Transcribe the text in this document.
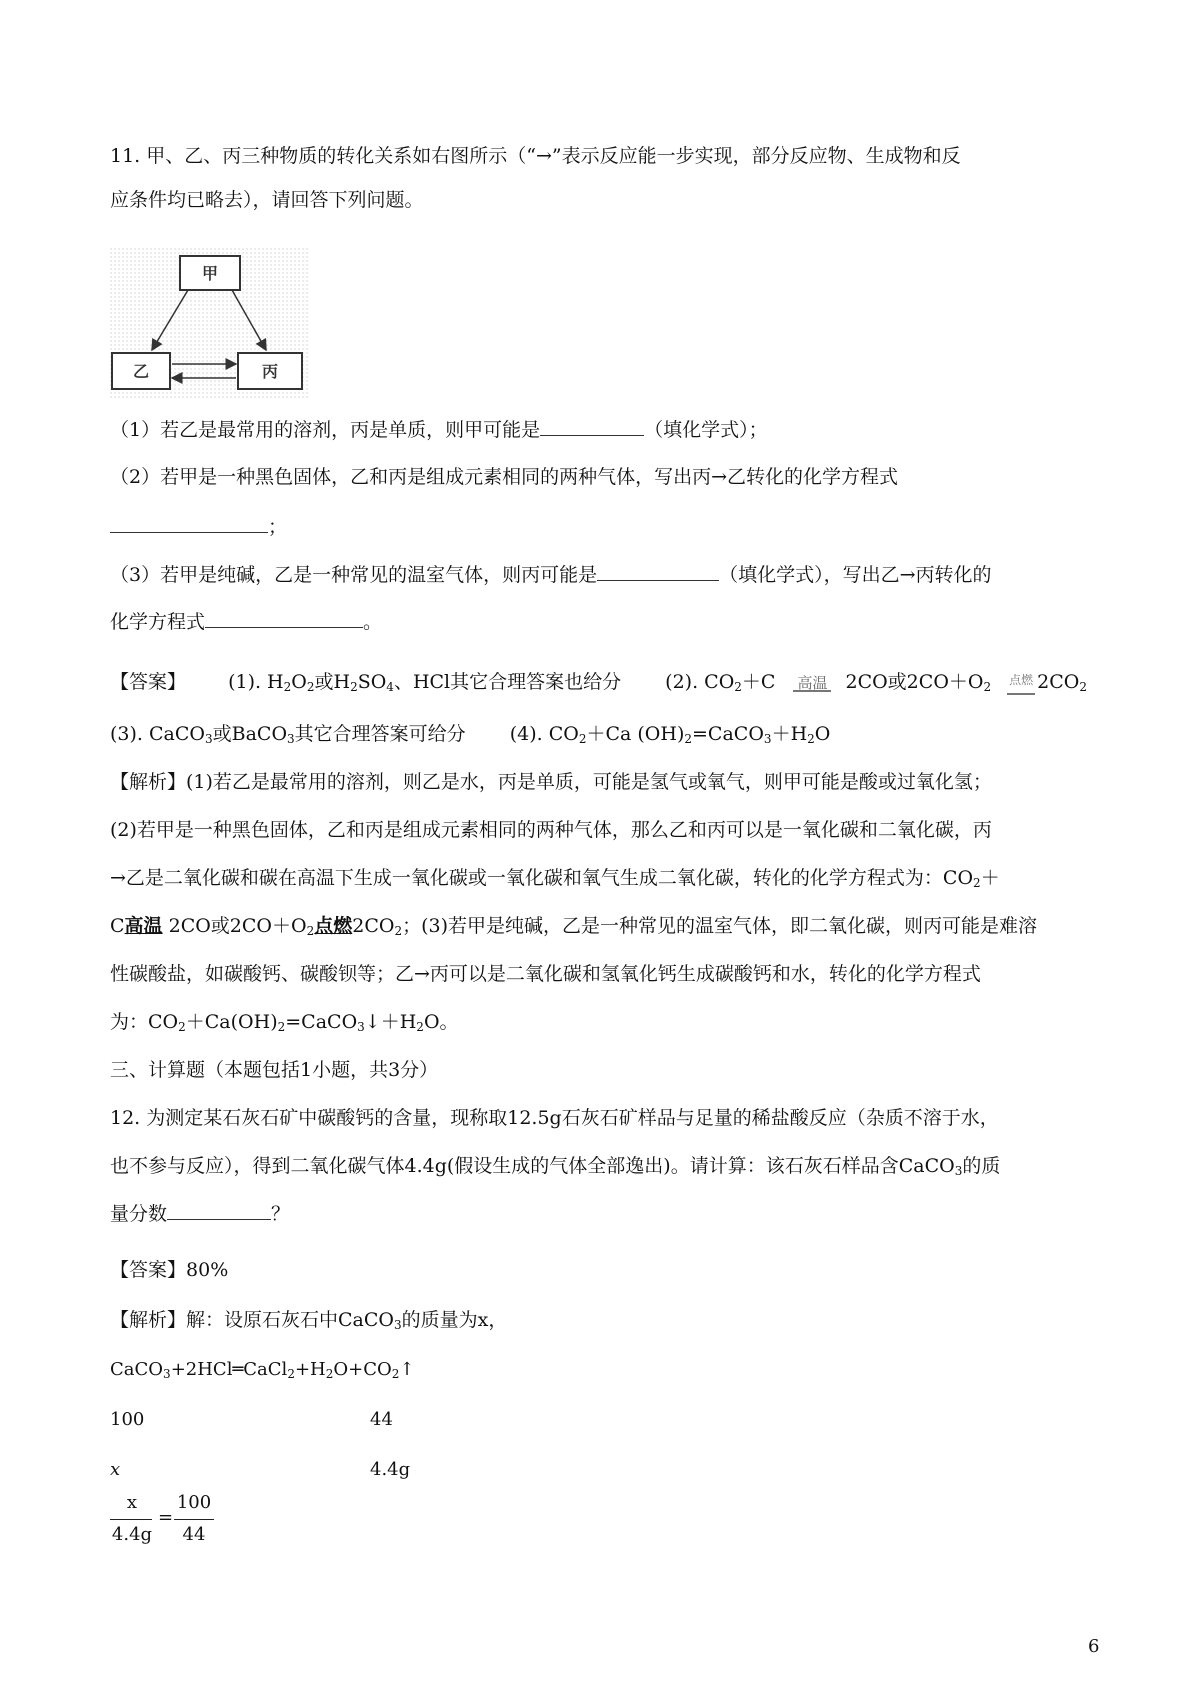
11. 甲、乙、丙三种物质的转化关系如右图所示（“→”表示反应能一步实现，部分反应物、生成物和反
应条件均已略去），请回答下列问题。
甲
乙	丙
（1）若乙是最常用的溶剂，丙是单质，则甲可能是	（填化学式）；
（2）若甲是一种黑色固体，乙和丙是组成元素相同的两种气体，写出丙→乙转化的化学方程式
；
（3）若甲是纯碱，乙是一种常见的温室气体，则丙可能是	（填化学式），写出乙→丙转化的
化学方程式	。
【答案】 (1). $H_2O_2$或$H_2SO_4$、HCl其它合理答案也给分 (2). $CO_2+C$ 高温 2CO或$2CO+O_2$ 点燃 $2CO_2$
(3). CaCO$_3$或BaCO$_3$其它合理答案可给分 (4). $CO_2+Ca$ $(OH)_2=CaCO_3+H_2O$
【解析】(1)若乙是最常用的溶剂，则乙是水，丙是单质，可能是氢气或氧气，则甲可能是酸或过氧化氢；
(2)若甲是一种黑色固体，乙和丙是组成元素相同的两种气体，那么乙和丙可以是一氧化碳和二氧化碳，丙
→乙是二氧化碳和碳在高温下生成一氧化碳或一氧化碳和氧气生成二氧化碳，转化的化学方程式为：$CO_2+$
C高温 2CO或$2CO+O_2$点燃$2CO_2$；(3)若甲是纯碱，乙是一种常见的温室气体，即二氧化碳，则丙可能是难溶
性碳酸盐，如碳酸钙、碳酸钡等；乙→丙可以是二氧化碳和氢氧化钙生成碳酸钙和水，转化的化学方程式
为：$CO_2+Ca(OH)_2=CaCO_3↓+H_2O$。
三、计算题（本题包括1小题，共3分）
12. 为测定某石灰石矿中碳酸钙的含量，现称取12.5g石灰石矿样品与足量的稀盐酸反应（杂质不溶于水，
也不参与反应），得到二氧化碳气体4.4g(假设生成的气体全部逸出)。请计算：该石灰石样品含CaCO$_3$的质
量分数	？
【答案】80%
【解析】解：设原石灰石中CaCO$_3$的质量为x，
$CaCO_3+2HCl═CaCl_2+H_2O+CO_2↑$
100	44
x	4.4g
x
4.4g
=
100
44
6
